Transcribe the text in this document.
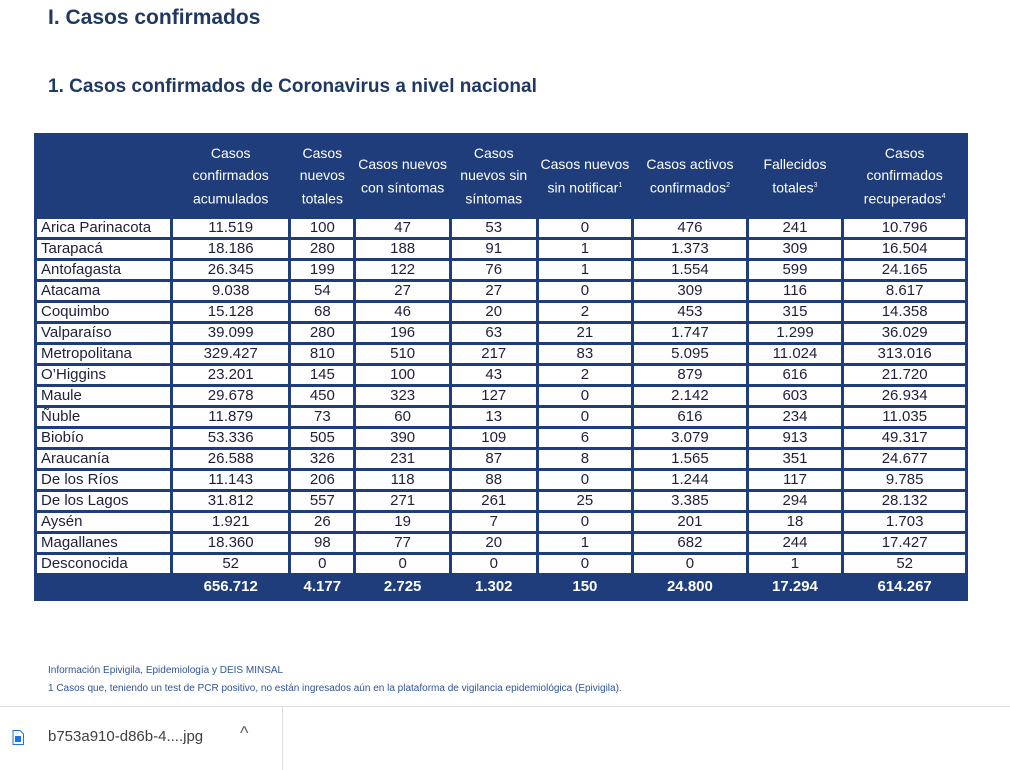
I. Casos confirmados
1. Casos confirmados de Coronavirus a nivel nacional
	Casos confirmados acumulados	Casos nuevos totales	Casos nuevos con síntomas	Casos nuevos sin síntomas	Casos nuevos sin notificar$^1$	Casos activos confirmados$^2$	Fallecidos totales$^3$	Casos confirmados recuperados$^4$
Arica Parinacota	11.519	100	47	53	0	476	241	10.796
Tarapacá	18.186	280	188	91	1	1.373	309	16.504
Antofagasta	26.345	199	122	76	1	1.554	599	24.165
Atacama	9.038	54	27	27	0	309	116	8.617
Coquimbo	15.128	68	46	20	2	453	315	14.358
Valparaíso	39.099	280	196	63	21	1.747	1.299	36.029
Metropolitana	329.427	810	510	217	83	5.095	11.024	313.016
O’Higgins	23.201	145	100	43	2	879	616	21.720
Maule	29.678	450	323	127	0	2.142	603	26.934
Ñuble	11.879	73	60	13	0	616	234	11.035
Biobío	53.336	505	390	109	6	3.079	913	49.317
Araucanía	26.588	326	231	87	8	1.565	351	24.677
De los Ríos	11.143	206	118	88	0	1.244	117	9.785
De los Lagos	31.812	557	271	261	25	3.385	294	28.132
Aysén	1.921	26	19	7	0	201	18	1.703
Magallanes	18.360	98	77	20	1	682	244	17.427
Desconocida	52	0	0	0	0	0	1	52
	656.712	4.177	2.725	1.302	150	24.800	17.294	614.267
Información Epivigila, Epidemiología y DEIS MINSAL
1 Casos que, teniendo un test de PCR positivo, no están ingresados aún en la plataforma de vigilancia epidemiológica (Epivigila).
b753a910-d86b-4....jpg ^
